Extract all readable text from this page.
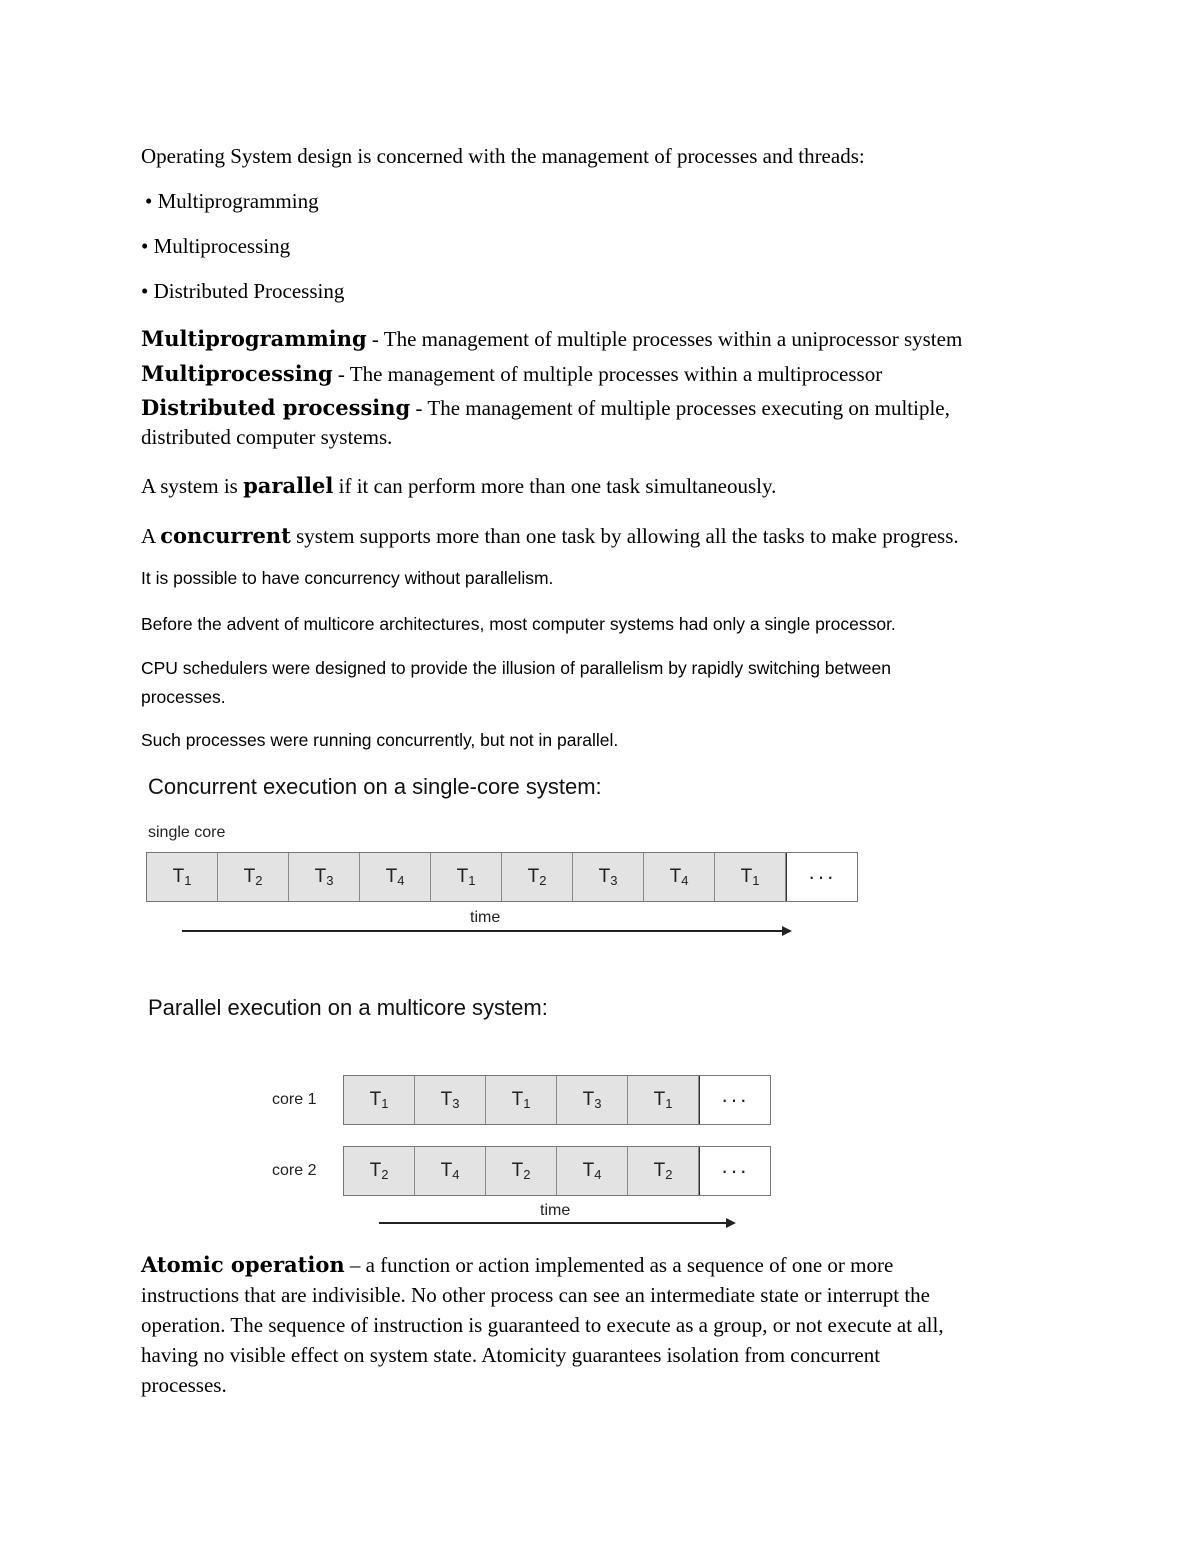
Operating System design is concerned with the management of processes and threads:
• Multiprogramming
• Multiprocessing
• Distributed Processing
Multiprogramming - The management of multiple processes within a uniprocessor system
Multiprocessing - The management of multiple processes within a multiprocessor
Distributed processing - The management of multiple processes executing on multiple,
distributed computer systems.
A system is parallel if it can perform more than one task simultaneously.
A concurrent system supports more than one task by allowing all the tasks to make progress.
It is possible to have concurrency without parallelism.
Before the advent of multicore architectures, most computer systems had only a single processor.
CPU schedulers were designed to provide the illusion of parallelism by rapidly switching between
processes.
Such processes were running concurrently, but not in parallel.
Concurrent execution on a single-core system:
single core
$T_1$	$T_2$	$T_3$	$T_4$	$T_1$	$T_2$	$T_3$	$T_4$	$T_1$	···
time
Parallel execution on a multicore system:
core 1	$T_1$	$T_3$	$T_1$	$T_3$	$T_1$	···
core 2	$T_2$	$T_4$	$T_2$	$T_4$	$T_2$	···
time
Atomic operation – a function or action implemented as a sequence of one or more
instructions that are indivisible. No other process can see an intermediate state or interrupt the
operation. The sequence of instruction is guaranteed to execute as a group, or not execute at all,
having no visible effect on system state. Atomicity guarantees isolation from concurrent
processes.
